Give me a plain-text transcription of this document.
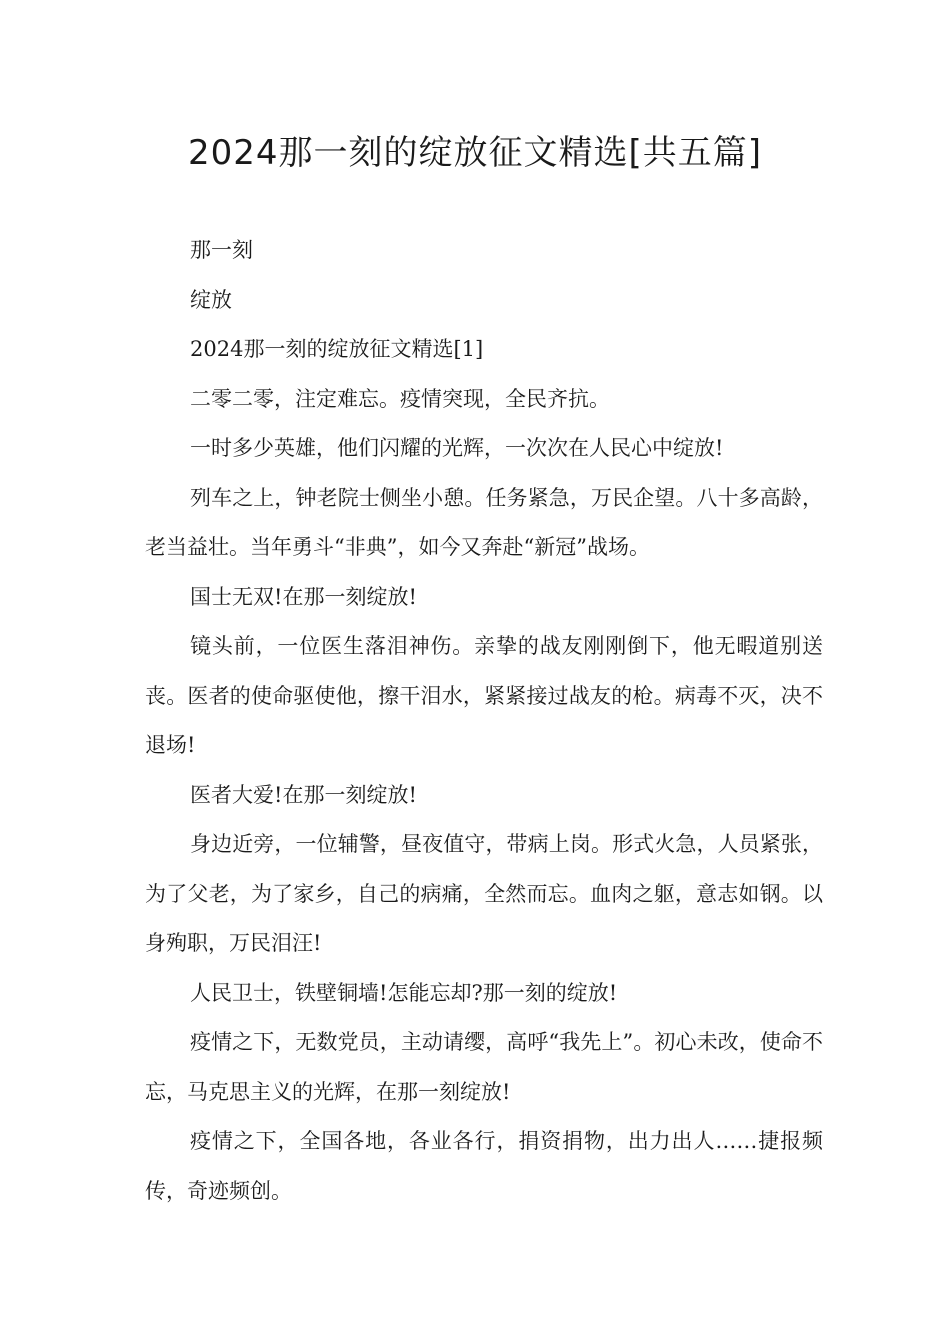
2024那一刻的绽放征文精选[共五篇]

那一刻

绽放

2024那一刻的绽放征文精选[1]

二零二零，注定难忘。疫情突现，全民齐抗。

一时多少英雄，他们闪耀的光辉，一次次在人民心中绽放!

列车之上，钟老院士侧坐小憩。任务紧急，万民企望。八十多高龄，老当益壮。当年勇斗“非典”，如今又奔赴“新冠”战场。

国士无双!在那一刻绽放!

镜头前，一位医生落泪神伤。亲挚的战友刚刚倒下，他无暇道别送丧。医者的使命驱使他，擦干泪水，紧紧接过战友的枪。病毒不灭，决不退场!

医者大爱!在那一刻绽放!

身边近旁，一位辅警，昼夜值守，带病上岗。形式火急，人员紧张，为了父老，为了家乡，自己的病痛，全然而忘。血肉之躯，意志如钢。以身殉职，万民泪汪!

人民卫士，铁壁铜墙!怎能忘却?那一刻的绽放!

疫情之下，无数党员，主动请缨，高呼“我先上”。初心未改，使命不忘，马克思主义的光辉，在那一刻绽放!

疫情之下，全国各地，各业各行，捐资捐物，出力出人……捷报频传，奇迹频创。
